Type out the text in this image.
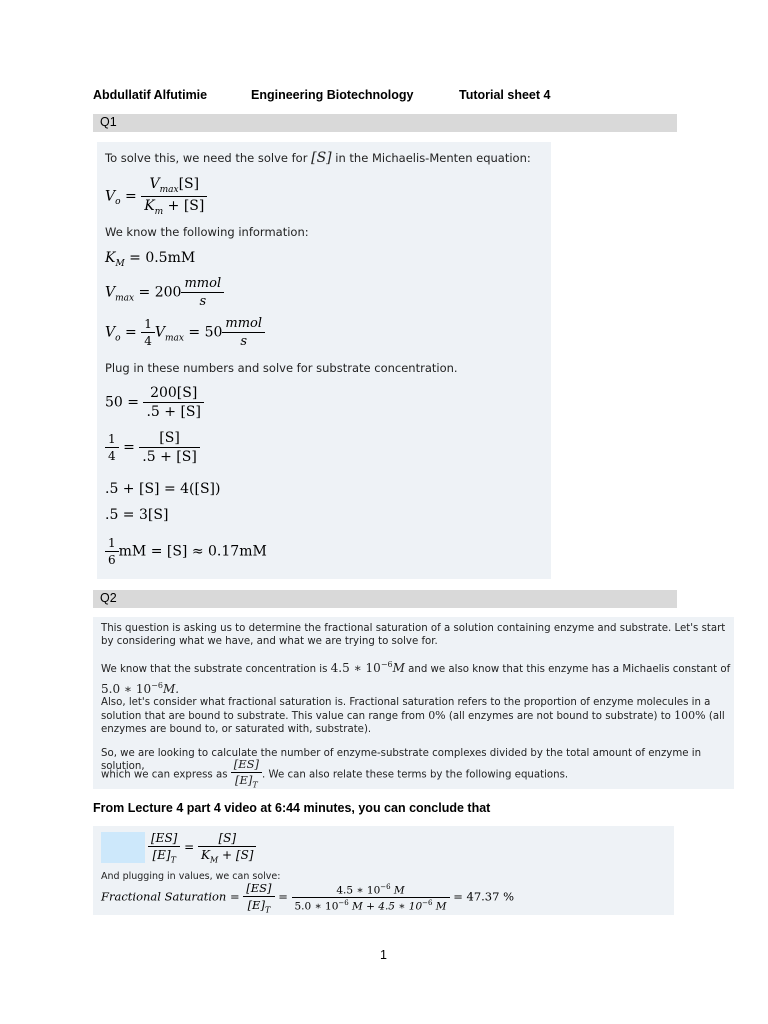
Abdullatif Alfutimie	Engineering Biotechnology	Tutorial sheet 4
Q1
To solve this, we need the solve for [S] in the Michaelis-Menten equation:
$V_o = \frac{V_{max}[S]}{K_m + [S]}$
We know the following information:
$K_M = 0.5mM$
$V_{max} = 200 \frac{\text{mmol}}{s}$
$V_o = \frac{1}{4} V_{max} = 50 \frac{\text{mmol}}{s}$
Plug in these numbers and solve for substrate concentration.
$50 = \frac{200[S]}{.5 + [S]}$
$\frac{1}{4} = \frac{[S]}{.5 + [S]}$
.5 + [S] = 4([S])
.5 = 3[S]
$\frac{1}{6}$ mM = [S] ≈ 0.17mM
Q2
This question is asking us to determine the fractional saturation of a solution containing enzyme and substrate. Let's start by considering what we have, and what we are trying to solve for.
We know that the substrate concentration is 4.5 ∗ $10^{-6}M$ and we also know that this enzyme has a Michaelis constant of
5.0 ∗ $10^{-6}M$.
Also, let's consider what fractional saturation is. Fractional saturation refers to the proportion of enzyme molecules in a solution that are bound to substrate. This value can range from 0% (all enzymes are not bound to substrate) to 100% (all enzymes are bound to, or saturated with, substrate).
So, we are looking to calculate the number of enzyme-substrate complexes divided by the total amount of enzyme in solution,
which we can express as $\frac{[ES]}{[E]_T}$ . We can also relate these terms by the following equations.
From Lecture 4 part 4 video at 6:44 minutes, you can conclude that
$\frac{[ES]}{[E]_T} = \frac{[S]}{K_M + [S]}$
And plugging in values, we can solve:
Fractional Saturation = $\frac{[ES]}{[E]_T} = \frac{4.5 ∗ 10^{-6} M}{5.0 ∗ 10^{-6} M + 4.5 ∗ 10^{-6} M} = 47.37$ %
1
